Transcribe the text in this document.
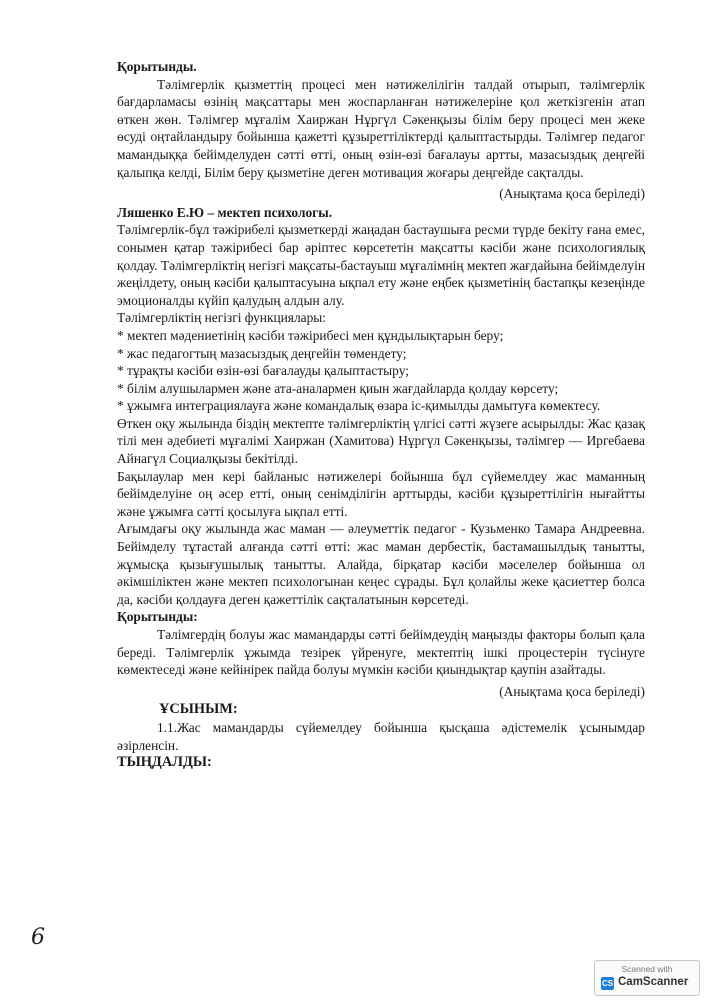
Қорытынды.

Тәлімгерлік қызметтің процесі мен нәтижелілігін талдай отырып, тәлімгерлік бағдарламасы өзінің мақсаттары мен жоспарланған нәтижелеріне қол жеткізгенін атап өткен жөн. Тәлімгер мұғалім Хаиржан Нұргүл Сәкенқызы білім беру процесі мен жеке өсуді оңтайландыру бойынша қажетті құзыреттіліктерді қалыптастырды. Тәлімгер педагог мамандыққа бейімделуден сәтті өтті, оның өзін-өзі бағалауы артты, мазасыздық деңгейі қалыпқа келді, Білім беру қызметіне деген мотивация жоғары деңгейде сақталды.

(Анықтама қоса беріледі)

Ляшенко Е.Ю – мектеп психологы.

Тәлімгерлік-бұл тәжірибелі қызметкерді жаңадан бастаушыға ресми түрде бекіту ғана емес, сонымен қатар тәжірибесі бар әріптес көрсететін мақсатты кәсіби және психологиялық қолдау. Тәлімгерліктің негізгі мақсаты-бастауыш мұғалімнің мектеп жағдайына бейімделуін жеңілдету, оның кәсіби қалыптасуына ықпал ету және еңбек қызметінің бастапқы кезеңінде эмоционалды күйіп қалудың алдын алу.

Тәлімгерліктің негізгі функциялары:

* мектеп мәдениетінің кәсіби тәжірибесі мен құндылықтарын беру;

* жас педагогтың мазасыздық деңгейін төмендету;

* тұрақты кәсіби өзін-өзі бағалауды қалыптастыру;

* білім алушылармен және ата-аналармен қиын жағдайларда қолдау көрсету;

* ұжымға интеграциялауға және командалық өзара іс-қимылды дамытуға көмектесу.

Өткен оқу жылында біздің мектепте тәлімгерліктің үлгісі сәтті жүзеге асырылды: Жас қазақ тілі мен әдебиеті мұғалімі Хаиржан (Хамитова) Нұргүл Сәкенқызы, тәлімгер — Иргебаева Айнагүл Социалқызы бекітілді.

Бақылаулар мен кері байланыс нәтижелері бойынша бұл сүйемелдеу жас маманның бейімделуіне оң әсер етті, оның сенімділігін арттырды, кәсіби құзыреттілігін нығайтты және ұжымға сәтті қосылуға ықпал етті.

Ағымдағы оқу жылында жас маман — әлеуметтік педагог - Кузьменко Тамара Андреевна. Бейімделу тұтастай алғанда сәтті өтті: жас маман дербестік, бастамашылдық танытты, жұмысқа қызығушылық танытты. Алайда, бірқатар кәсіби мәселелер бойынша ол әкімшіліктен және мектеп психологынан кеңес сұрады. Бұл қолайлы жеке қасиеттер болса да, кәсіби қолдауға деген қажеттілік сақталатынын көрсетеді.

Қорытынды:

Тәлімгердің болуы жас мамандарды сәтті бейімдеудің маңызды факторы болып қала береді. Тәлімгерлік ұжымда тезірек үйренуге, мектептің ішкі процестерін түсінуге көмектеседі және кейінірек пайда болуы мүмкін кәсіби қиындықтар қаупін азайтады.

(Анықтама қоса беріледі)

ҰСЫНЫМ:

1.1.Жас мамандарды сүйемелдеу бойынша қысқаша әдістемелік ұсынымдар әзірленсін.

ТЫҢДАЛДЫ:

6
Scanned with
CS CamScanner
